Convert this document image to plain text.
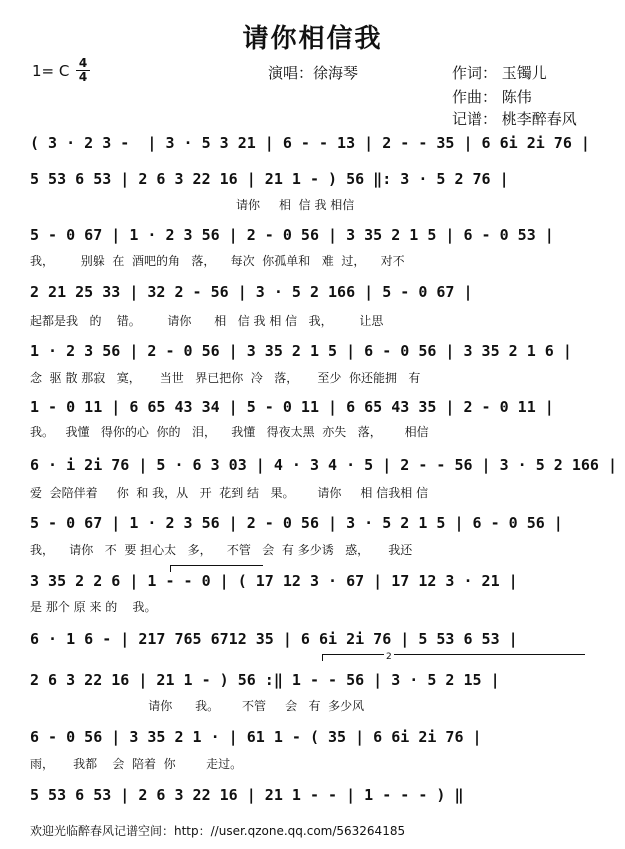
请你相信我
1= C 4
4	演唱：徐海琴	作词： 玉镯儿
作曲： 陈伟
记谱： 桃李醉春风
( 3 · 2 3 -  | 3 · 5 3 21 | 6 - - 13 | 2 - - 35 | 6 6i 2i 76 |
5 53 6 53 | 2 6 3 22 16 | 21 1 - ) 56 ‖: 3 · 5 2 76 |
请你     相  信 我 相信
5 - 0 67 | 1 · 2 3 56 | 2 - 0 56 | 3 35 2 1 5 | 6 - 0 53 |
我，       别躲  在  酒吧的角   落，    每次  你孤单和   难  过，    对不
2 21 25 33 | 32 2 - 56 | 3 · 5 2 166 | 5 - 0 67 |
起都是我   的    错。       请你      相   信 我 相 信   我，       让思
1 · 2 3 56 | 2 - 0 56 | 3 35 2 1 5 | 6 - 0 56 | 3 35 2 1 6 |
念  驱 散 那寂   寞，     当世   界已把你  冷   落，     至少  你还能拥   有
1 - 0 11 | 6 65 43 34 | 5 - 0 11 | 6 65 43 35 | 2 - 0 11 |
我。   我懂   得你的心  你的   泪，    我懂   得夜太黑  亦失   落，      相信
6 · i 2i 76 | 5 · 6 3 03 | 4 · 3 4 · 5 | 2 - - 56 | 3 · 5 2 166 |
爱  会陪伴着     你  和 我，从   开  花到 结   果。      请你     相 信我相 信
5 - 0 67 | 1 · 2 3 56 | 2 - 0 56 | 3 · 5 2 1 5 | 6 - 0 56 |
我，    请你   不  要 担心太   多，    不管   会  有 多少诱   惑，     我还
3 35 2 2 6 | 1 - - 0 | ( 17 12 3 · 67 | 17 12 3 · 21 |
是 那个 原 来 的    我。
6 · 1 6 - | 217 765 6712 35 | 6 6i 2i 76 | 5 53 6 53 |
2
2 6 3 22 16 | 21 1 - ) 56 :‖ 1 - - 56 | 3 · 5 2 15 |
请你      我。      不管     会   有  多少风
6 - 0 56 | 3 35 2 1 · | 61 1 - ( 35 | 6 6i 2i 76 |
雨，     我都    会  陪着  你        走过。
5 53 6 53 | 2 6 3 22 16 | 21 1 - - | 1 - - - ) ‖
欢迎光临醉春风记谱空间：http：//user.qzone.qq.com/563264185
